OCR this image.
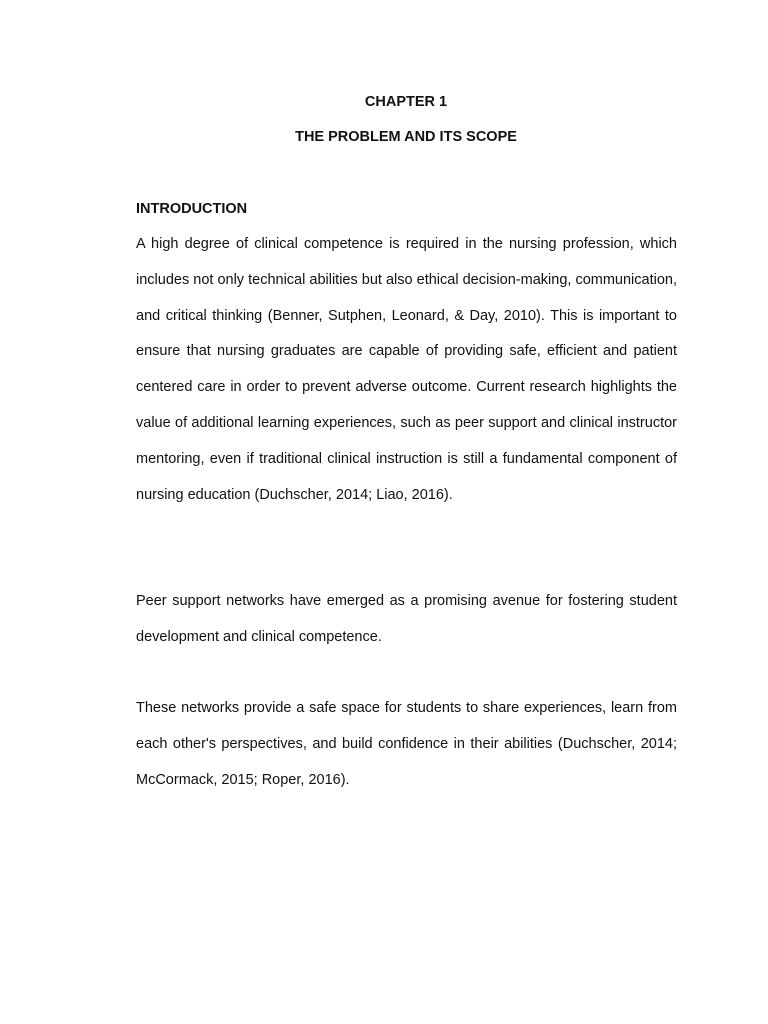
CHAPTER 1
THE PROBLEM AND ITS SCOPE
INTRODUCTION

A high degree of clinical competence is required in the nursing profession, which includes not only technical abilities but also ethical decision-making, communication, and critical thinking (Benner, Sutphen, Leonard, & Day, 2010). This is important to ensure that nursing graduates are capable of providing safe, efficient and patient centered care in order to prevent adverse outcome. Current research highlights the value of additional learning experiences, such as peer support and clinical instructor mentoring, even if traditional clinical instruction is still a fundamental component of nursing education (Duchscher, 2014; Liao, 2016).

Peer support networks have emerged as a promising avenue for fostering student development and clinical competence.

These networks provide a safe space for students to share experiences, learn from each other's perspectives, and build confidence in their abilities (Duchscher, 2014; McCormack, 2015; Roper, 2016).
